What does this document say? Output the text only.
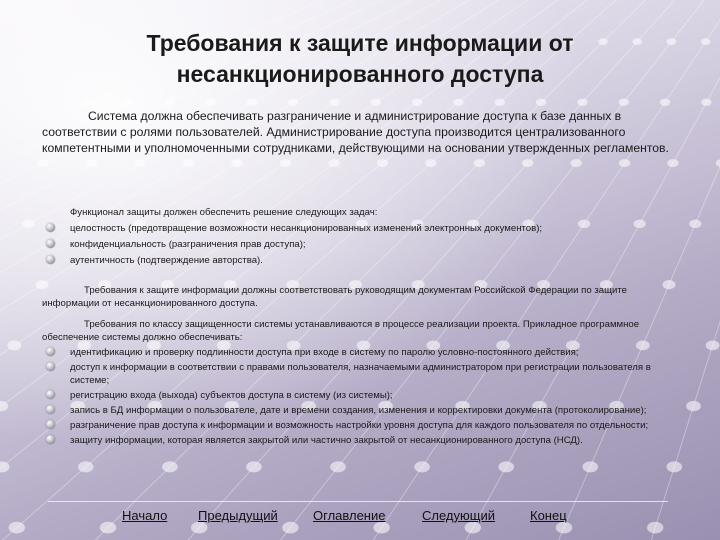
Требования к защите информации от несанкционированного доступа
Система должна обеспечивать разграничение и администрирование доступа к базе данных в соответствии с ролями пользователей. Администрирование доступа производится централизованного компетентными и уполномоченными сотрудниками, действующими на основании утвержденных регламентов.
Функционал защиты должен обеспечить решение следующих задач:
целостность (предотвращение возможности несанкционированных изменений электронных документов);
конфиденциальность (разграничения прав доступа);
аутентичность (подтверждение авторства).
Требования к защите информации должны соответствовать руководящим документам Российской Федерации по защите информации от несанкционированного доступа.
Требования по классу защищенности системы устанавливаются в процессе реализации проекта. Прикладное программное обеспечение системы должно обеспечивать:
идентификацию и проверку подлинности доступа при входе в систему по паролю условно-постоянного действия;
доступ к информации в соответствии с правами пользователя, назначаемыми администратором при регистрации пользователя в системе;
регистрацию входа (выхода) субъектов доступа в систему (из системы);
запись в БД информации о пользователе, дате и времени создания, изменения и корректировки документа (протоколирование);
разграничение прав доступа к информации и возможность настройки уровня доступа для каждого пользователя по отдельности;
защиту информации, которая является закрытой или частично закрытой от несанкционированного доступа (НСД).
Начало Предыдущий	Оглавление	Следующий	Конец
